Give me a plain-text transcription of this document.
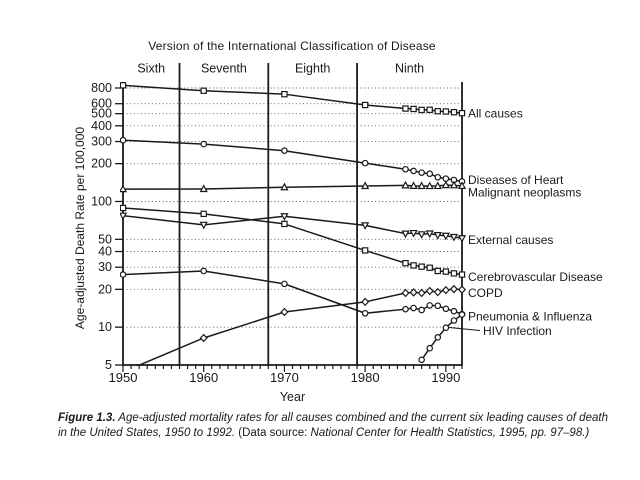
Version of the International Classification of Disease
Sixth	Seventh	Eighth	Ninth
800
600
500
400
300
200
100
50
40
30
20
10
5
1950	1960	1970	1980	1990
Year
Age-adjusted Death Rate per 100,000
All causes
Diseases of Heart
Malignant neoplasms
External causes
Cerebrovascular Disease
COPD
Pneumonia & Influenza
HIV Infection
Figure 1.3. Age-adjusted mortality rates for all causes combined and the current six leading causes of death in the United States, 1950 to 1992. (Data source: National Center for Health Statistics, 1995, pp. 97–98.)
